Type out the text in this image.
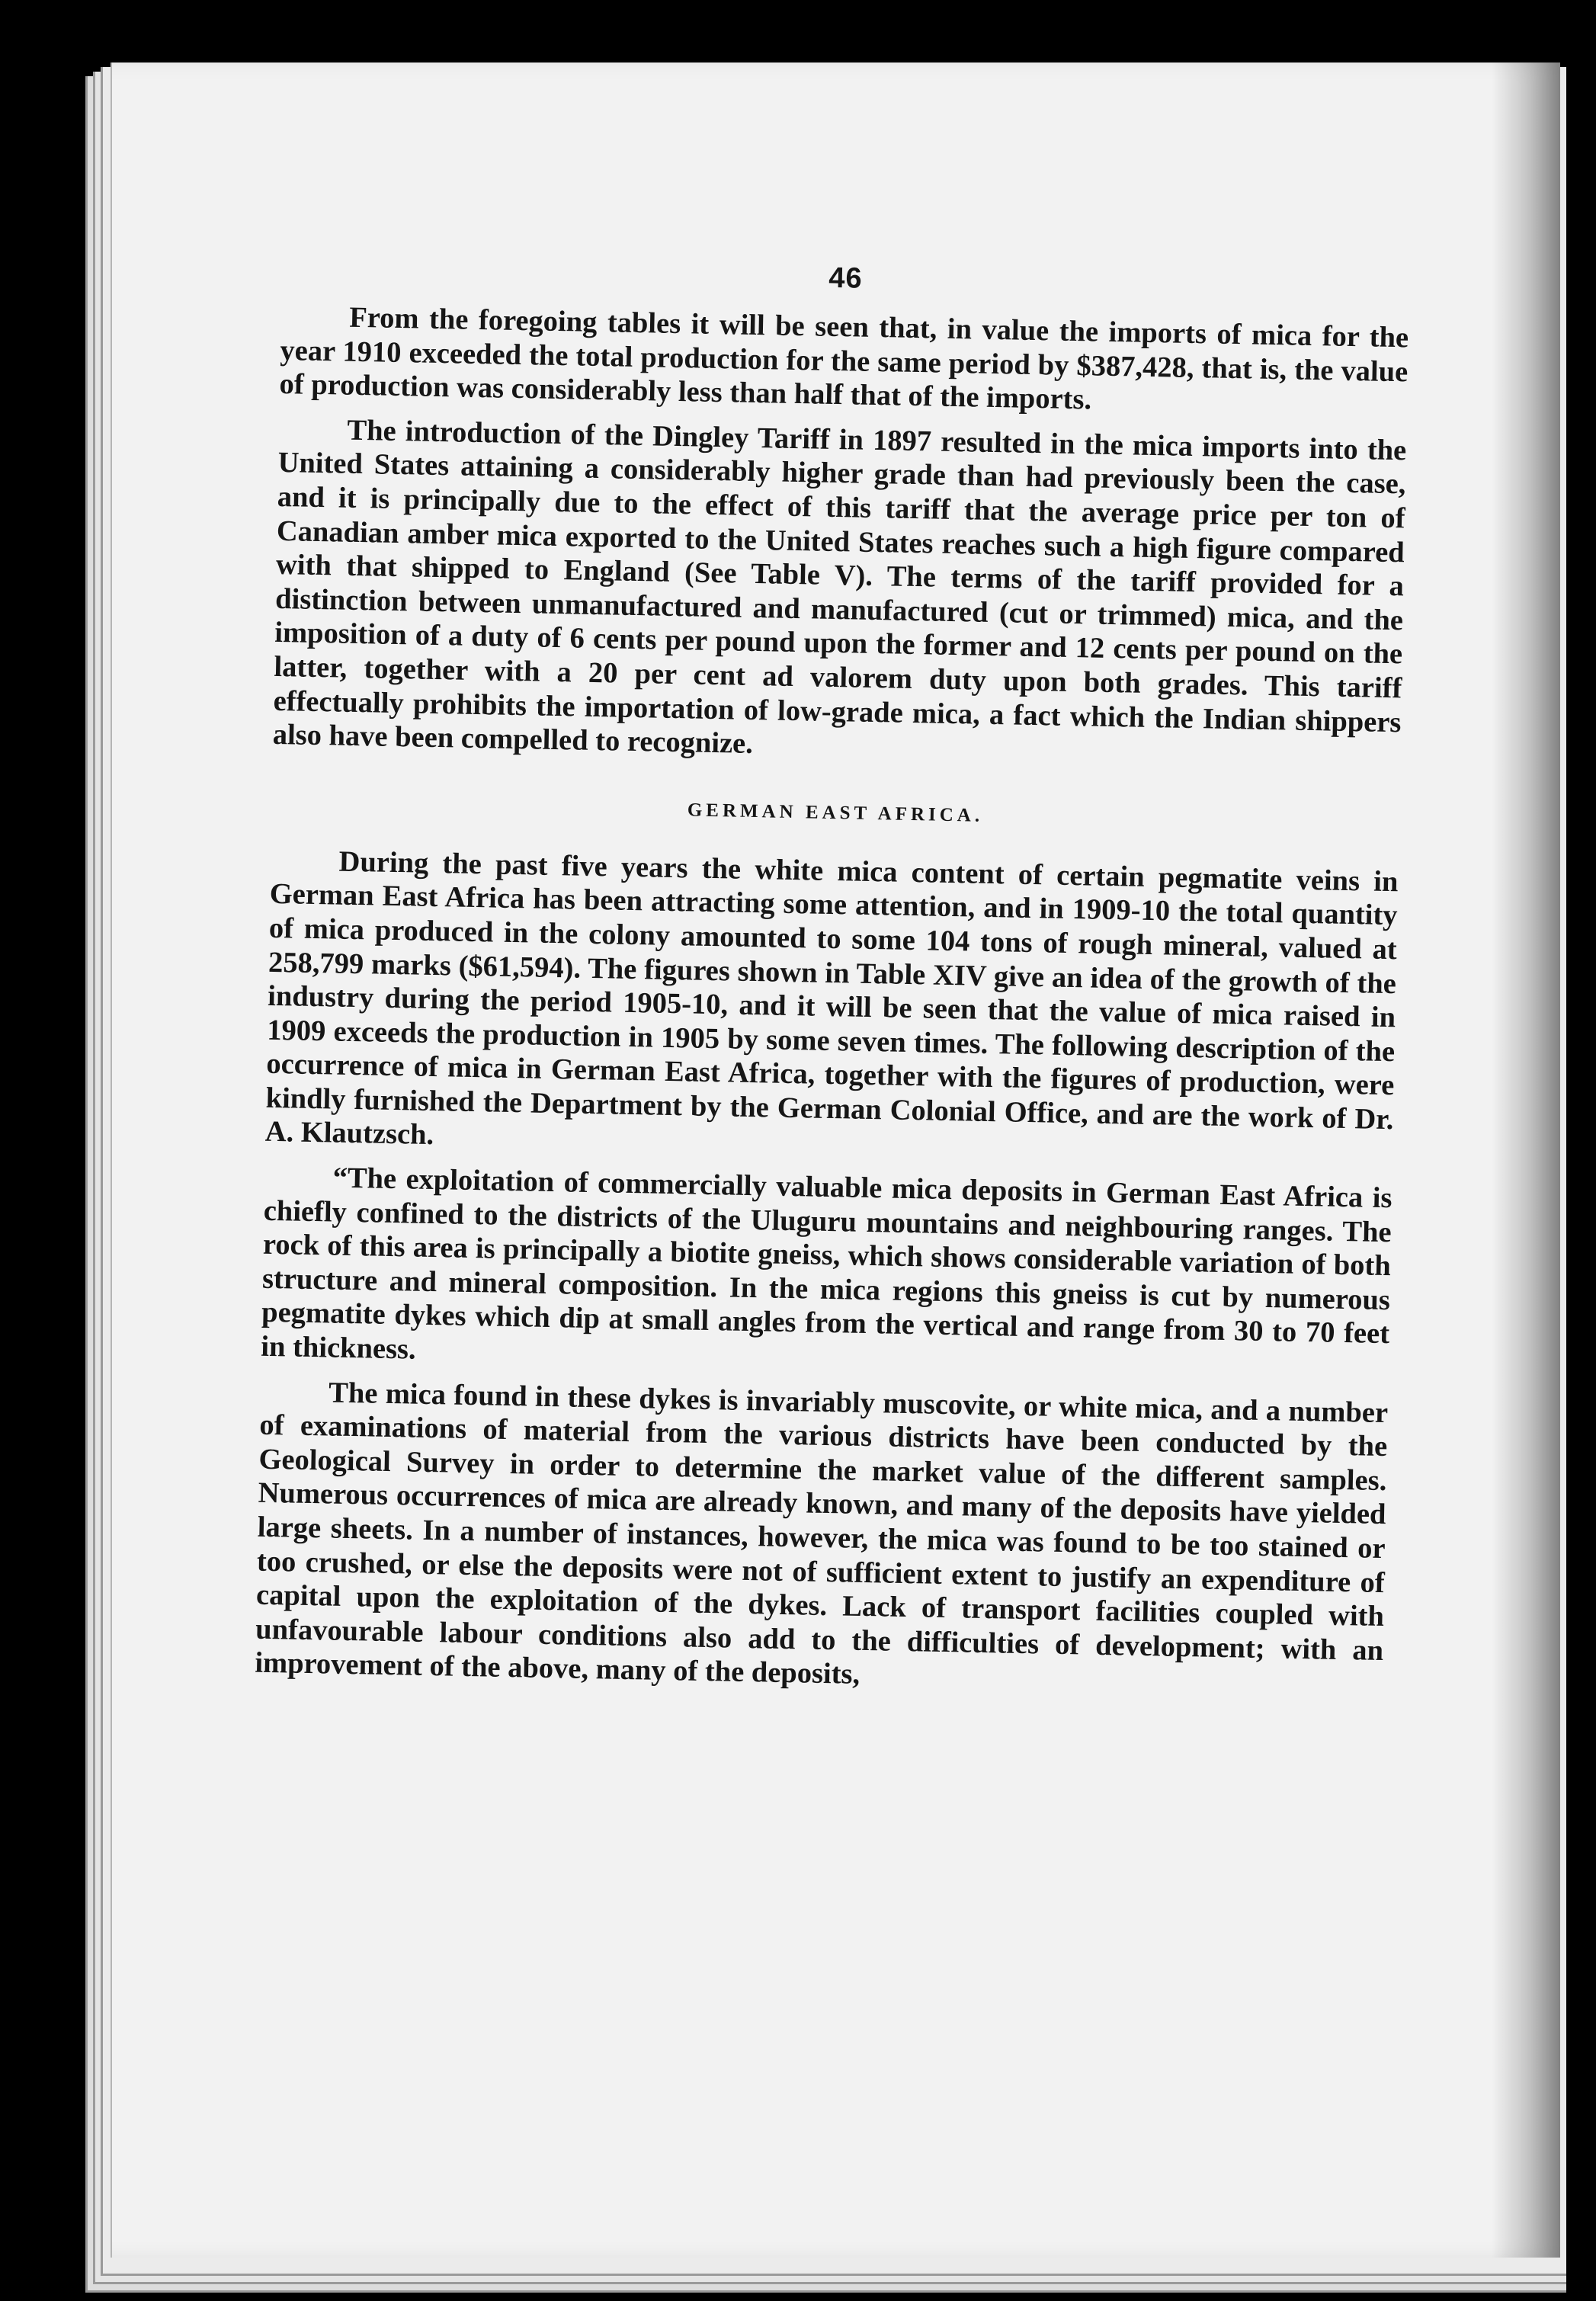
46

From the foregoing tables it will be seen that, in value the imports of mica for the year 1910 exceeded the total production for the same period by $387,428, that is, the value of production was considerably less than half that of the imports.

The introduction of the Dingley Tariff in 1897 resulted in the mica imports into the United States attaining a considerably higher grade than had previously been the case, and it is principally due to the effect of this tariff that the average price per ton of Canadian amber mica exported to the United States reaches such a high figure compared with that shipped to England (See Table V). The terms of the tariff provided for a distinction between unmanufactured and manufactured (cut or trimmed) mica, and the imposition of a duty of 6 cents per pound upon the former and 12 cents per pound on the latter, together with a 20 per cent ad valorem duty upon both grades. This tariff effectually prohibits the importation of low-grade mica, a fact which the Indian shippers also have been compelled to recognize.

GERMAN EAST AFRICA.

During the past five years the white mica content of certain pegmatite veins in German East Africa has been attracting some attention, and in 1909-10 the total quantity of mica produced in the colony amounted to some 104 tons of rough mineral, valued at 258,799 marks ($61,594). The figures shown in Table XIV give an idea of the growth of the industry during the period 1905-10, and it will be seen that the value of mica raised in 1909 exceeds the production in 1905 by some seven times. The following description of the occurrence of mica in German East Africa, together with the figures of production, were kindly furnished the Department by the German Colonial Office, and are the work of Dr. A. Klautzsch.

“The exploitation of commercially valuable mica deposits in German East Africa is chiefly confined to the districts of the Uluguru mountains and neighbouring ranges. The rock of this area is principally a biotite gneiss, which shows considerable variation of both structure and mineral composition. In the mica regions this gneiss is cut by numerous pegmatite dykes which dip at small angles from the vertical and range from 30 to 70 feet in thickness.

The mica found in these dykes is invariably muscovite, or white mica, and a number of examinations of material from the various districts have been conducted by the Geological Survey in order to determine the market value of the different samples. Numerous occurrences of mica are already known, and many of the deposits have yielded large sheets. In a number of instances, however, the mica was found to be too stained or too crushed, or else the deposits were not of sufficient extent to justify an expenditure of capital upon the exploitation of the dykes. Lack of transport facilities coupled with unfavourable labour conditions also add to the difficulties of development; with an improvement of the above, many of the deposits,
